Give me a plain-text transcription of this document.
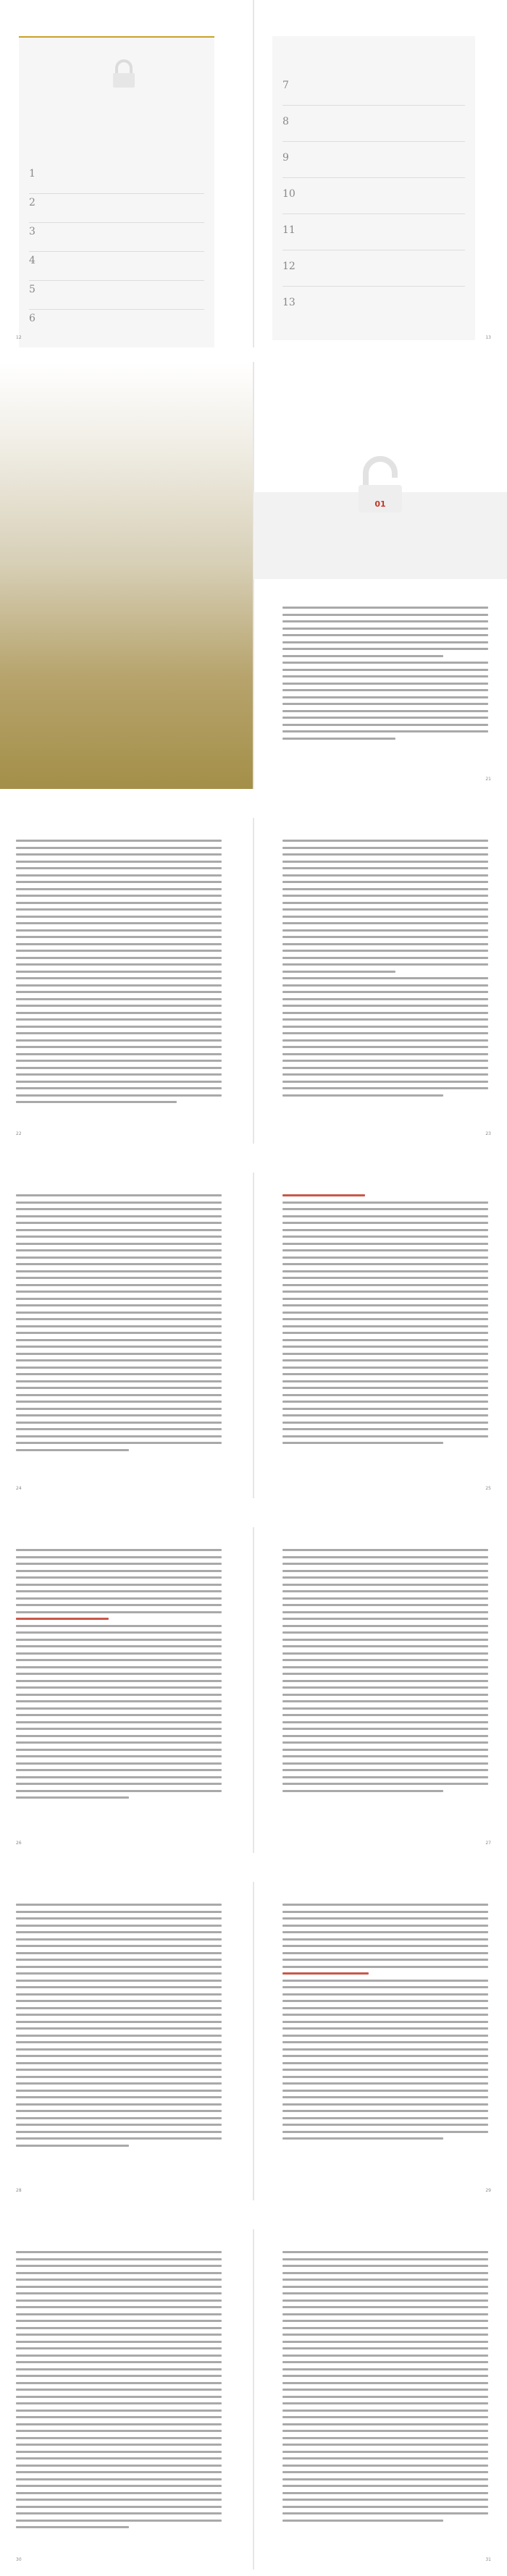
1
2
3
4
5
6
12
7
8
9
10
11
12
13
13
01
21
22	23
24	25
26	27
28	29
30	31
